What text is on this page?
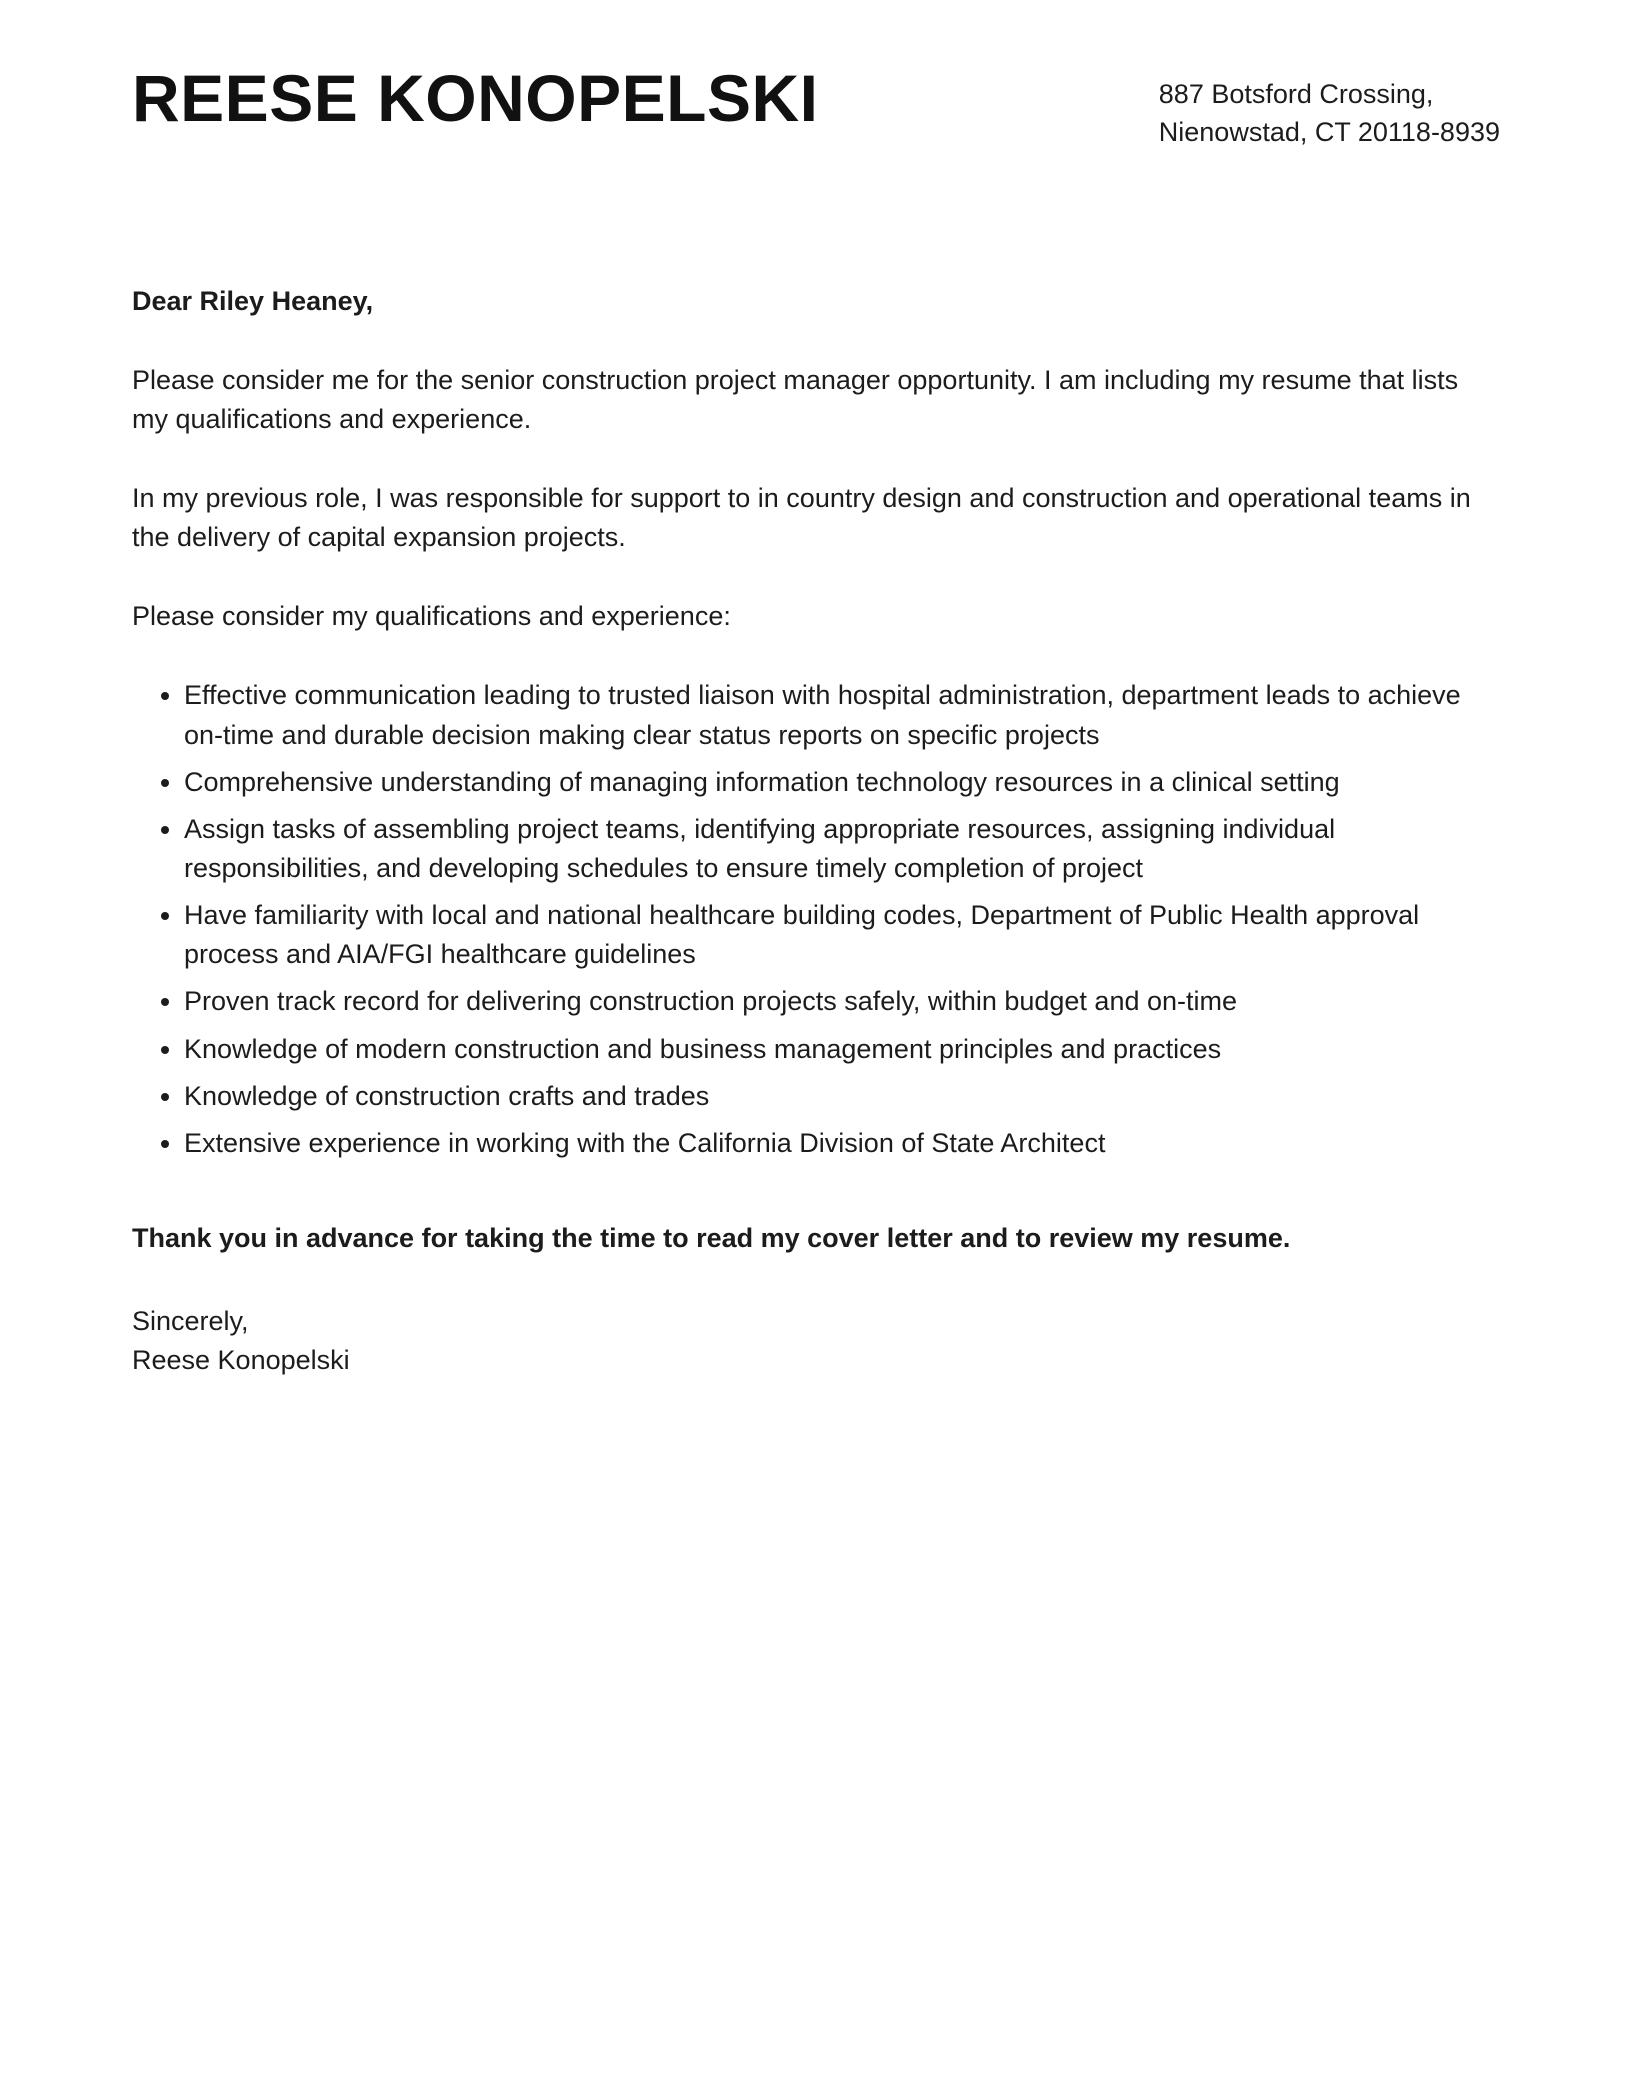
REESE KONOPELSKI	887 Botsford Crossing,
Nienowstad, CT 20118-8939
Dear Riley Heaney,
Please consider me for the senior construction project manager opportunity. I am including my resume that lists my qualifications and experience.
In my previous role, I was responsible for support to in country design and construction and operational teams in the delivery of capital expansion projects.
Please consider my qualifications and experience:
• Effective communication leading to trusted liaison with hospital administration, department leads to achieve on-time and durable decision making clear status reports on specific projects
• Comprehensive understanding of managing information technology resources in a clinical setting
• Assign tasks of assembling project teams, identifying appropriate resources, assigning individual responsibilities, and developing schedules to ensure timely completion of project
• Have familiarity with local and national healthcare building codes, Department of Public Health approval process and AIA/FGI healthcare guidelines
• Proven track record for delivering construction projects safely, within budget and on-time
• Knowledge of modern construction and business management principles and practices
• Knowledge of construction crafts and trades
• Extensive experience in working with the California Division of State Architect
Thank you in advance for taking the time to read my cover letter and to review my resume.
Sincerely,
Reese Konopelski
